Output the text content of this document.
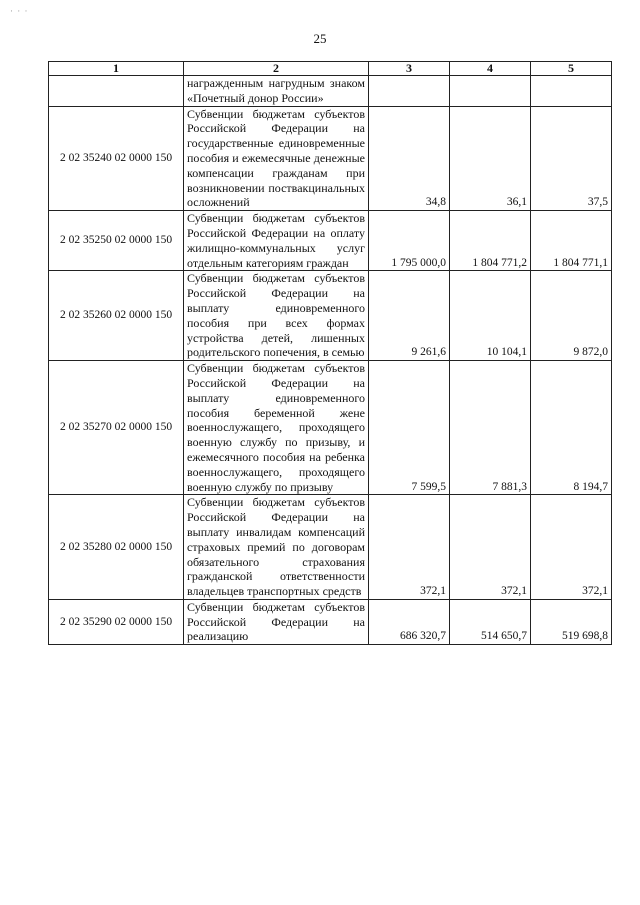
· · ·
25
1	2	3	4	5
	награжденным нагрудным знаком «Почетный донор России»			
2 02 35240 02 0000 150	Субвенции бюджетам субъектов Российской Федерации на государственные единовременные пособия и ежемесячные денежные компенсации гражданам при возникновении поствакцинальных осложнений	34,8	36,1	37,5
2 02 35250 02 0000 150	Субвенции бюджетам субъектов Российской Федерации на оплату жилищно-коммунальных услуг отдельным категориям граждан	1 795 000,0	1 804 771,2	1 804 771,1
2 02 35260 02 0000 150	Субвенции бюджетам субъектов Российской Федерации на выплату единовременного пособия при всех формах устройства детей, лишенных родительского попечения, в семью	9 261,6	10 104,1	9 872,0
2 02 35270 02 0000 150	Субвенции бюджетам субъектов Российской Федерации на выплату единовременного пособия беременной жене военнослужащего, проходящего военную службу по призыву, и ежемесячного пособия на ребенка военнослужащего, проходящего военную службу по призыву	7 599,5	7 881,3	8 194,7
2 02 35280 02 0000 150	Субвенции бюджетам субъектов Российской Федерации на выплату инвалидам компенсаций страховых премий по договорам обязательного страхования гражданской ответственности владельцев транспортных средств	372,1	372,1	372,1
2 02 35290 02 0000 150	Субвенции бюджетам субъектов Российской Федерации на реализацию	686 320,7	514 650,7	519 698,8
